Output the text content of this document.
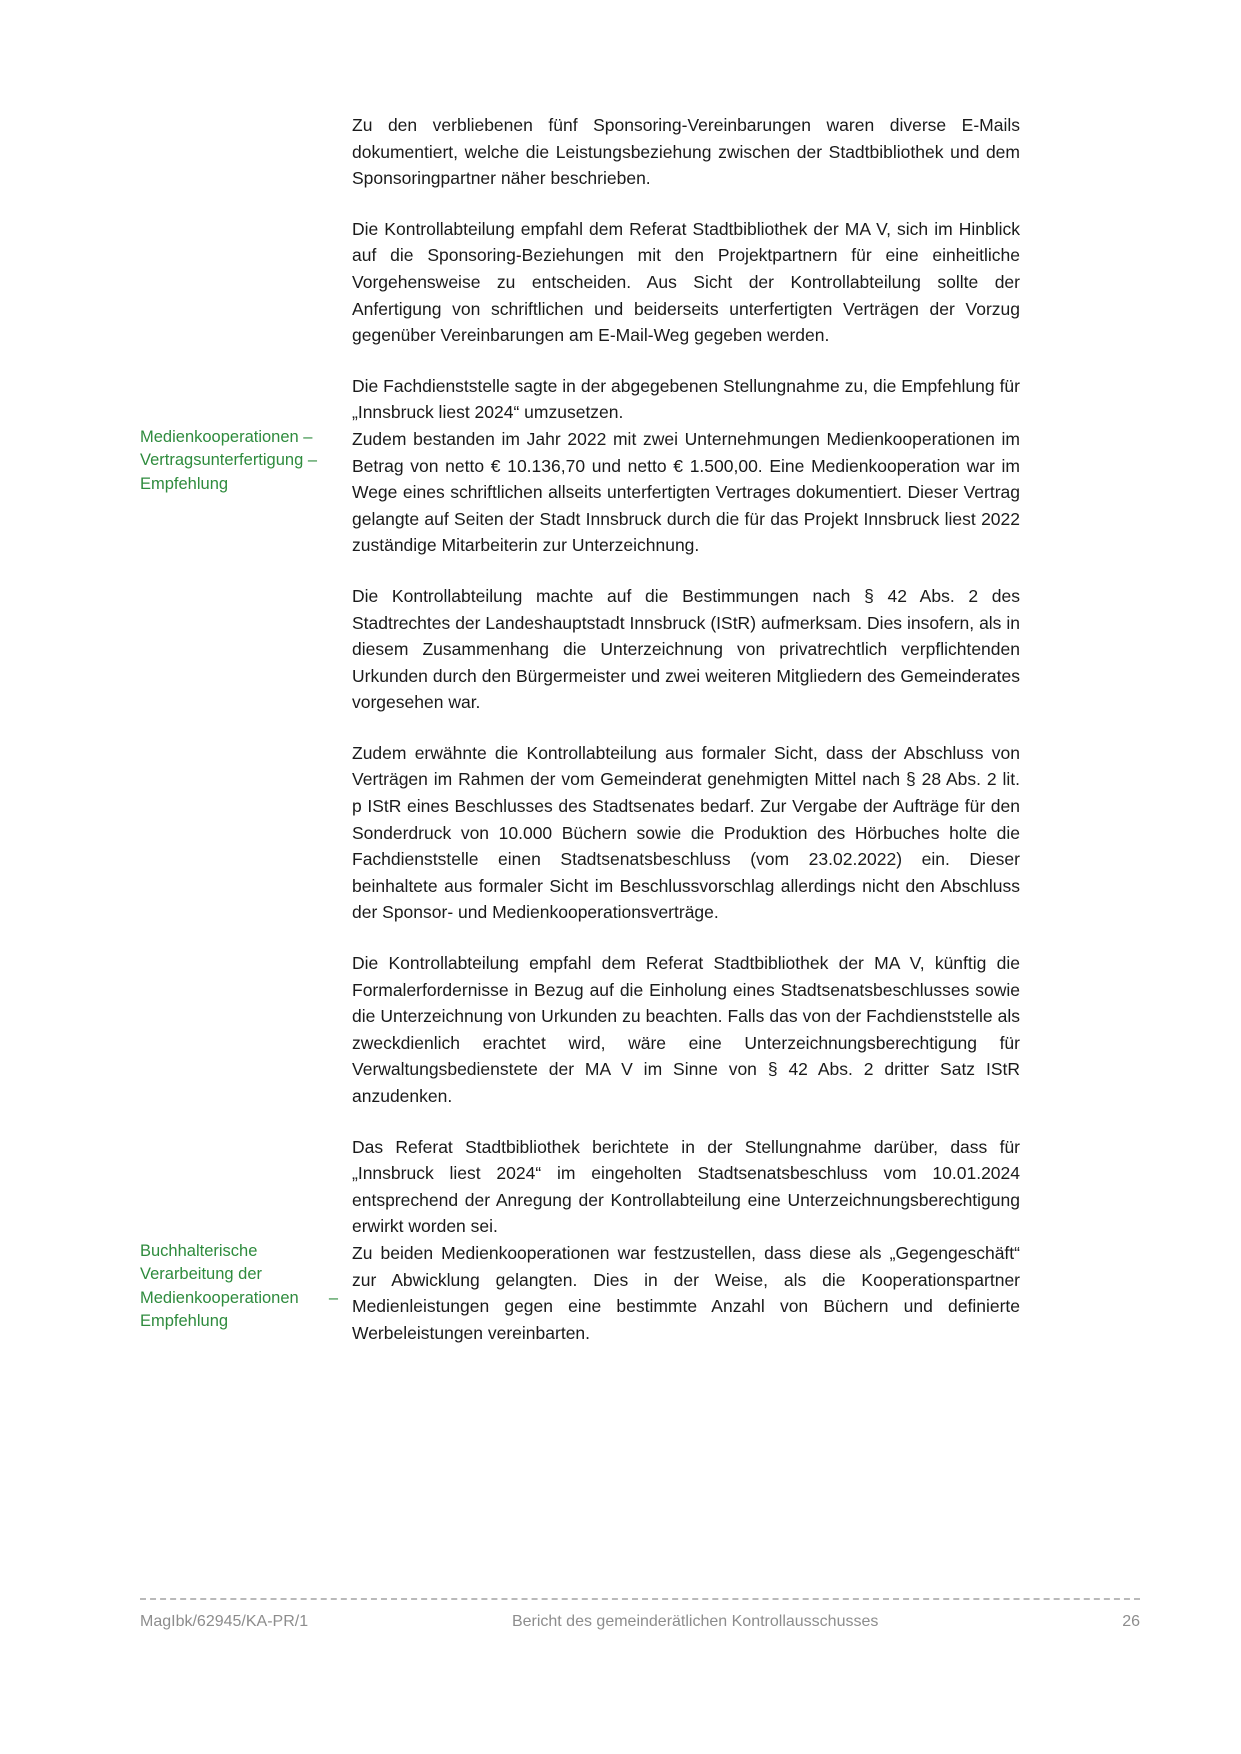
Zu den verbliebenen fünf Sponsoring-Vereinbarungen waren diverse E-Mails dokumentiert, welche die Leistungsbeziehung zwischen der Stadtbibliothek und dem Sponsoringpartner näher beschrieben.

Die Kontrollabteilung empfahl dem Referat Stadtbibliothek der MA V, sich im Hinblick auf die Sponsoring-Beziehungen mit den Projektpartnern für eine einheitliche Vorgehensweise zu entscheiden. Aus Sicht der Kontrollabteilung sollte der Anfertigung von schriftlichen und beiderseits unterfertigten Verträgen der Vorzug gegenüber Vereinbarungen am E-Mail-Weg gegeben werden.

Die Fachdienststelle sagte in der abgegebenen Stellungnahme zu, die Empfehlung für „Innsbruck liest 2024“ umzusetzen.

Medienkooperationen –
Vertragsunterfertigung –
Empfehlung

Zudem bestanden im Jahr 2022 mit zwei Unternehmungen Medienkooperationen im Betrag von netto € 10.136,70 und netto € 1.500,00. Eine Medienkooperation war im Wege eines schriftlichen allseits unterfertigten Vertrages dokumentiert. Dieser Vertrag gelangte auf Seiten der Stadt Innsbruck durch die für das Projekt Innsbruck liest 2022 zuständige Mitarbeiterin zur Unterzeichnung.

Die Kontrollabteilung machte auf die Bestimmungen nach § 42 Abs. 2 des Stadtrechtes der Landeshauptstadt Innsbruck (IStR) aufmerksam. Dies insofern, als in diesem Zusammenhang die Unterzeichnung von privatrechtlich verpflichtenden Urkunden durch den Bürgermeister und zwei weiteren Mitgliedern des Gemeinderates vorgesehen war.

Zudem erwähnte die Kontrollabteilung aus formaler Sicht, dass der Abschluss von Verträgen im Rahmen der vom Gemeinderat genehmigten Mittel nach § 28 Abs. 2 lit. p IStR eines Beschlusses des Stadtsenates bedarf. Zur Vergabe der Aufträge für den Sonderdruck von 10.000 Büchern sowie die Produktion des Hörbuches holte die Fachdienststelle einen Stadtsenatsbeschluss (vom 23.02.2022) ein. Dieser beinhaltete aus formaler Sicht im Beschlussvorschlag allerdings nicht den Abschluss der Sponsor- und Medienkooperationsverträge.

Die Kontrollabteilung empfahl dem Referat Stadtbibliothek der MA V, künftig die Formalerfordernisse in Bezug auf die Einholung eines Stadtsenatsbeschlusses sowie die Unterzeichnung von Urkunden zu beachten. Falls das von der Fachdienststelle als zweckdienlich erachtet wird, wäre eine Unterzeichnungsberechtigung für Verwaltungsbedienstete der MA V im Sinne von § 42 Abs. 2 dritter Satz IStR anzudenken.

Das Referat Stadtbibliothek berichtete in der Stellungnahme darüber, dass für „Innsbruck liest 2024“ im eingeholten Stadtsenatsbeschluss vom 10.01.2024 entsprechend der Anregung der Kontrollabteilung eine Unterzeichnungsberechtigung erwirkt worden sei.

Buchhalterische
Verarbeitung der
Medienkooperationen –
Empfehlung

Zu beiden Medienkooperationen war festzustellen, dass diese als „Gegengeschäft“ zur Abwicklung gelangten. Dies in der Weise, als die Kooperationspartner Medienleistungen gegen eine bestimmte Anzahl von Büchern und definierte Werbeleistungen vereinbarten.

MagIbk/62945/KA-PR/1	Bericht des gemeinderätlichen Kontrollausschusses	26
